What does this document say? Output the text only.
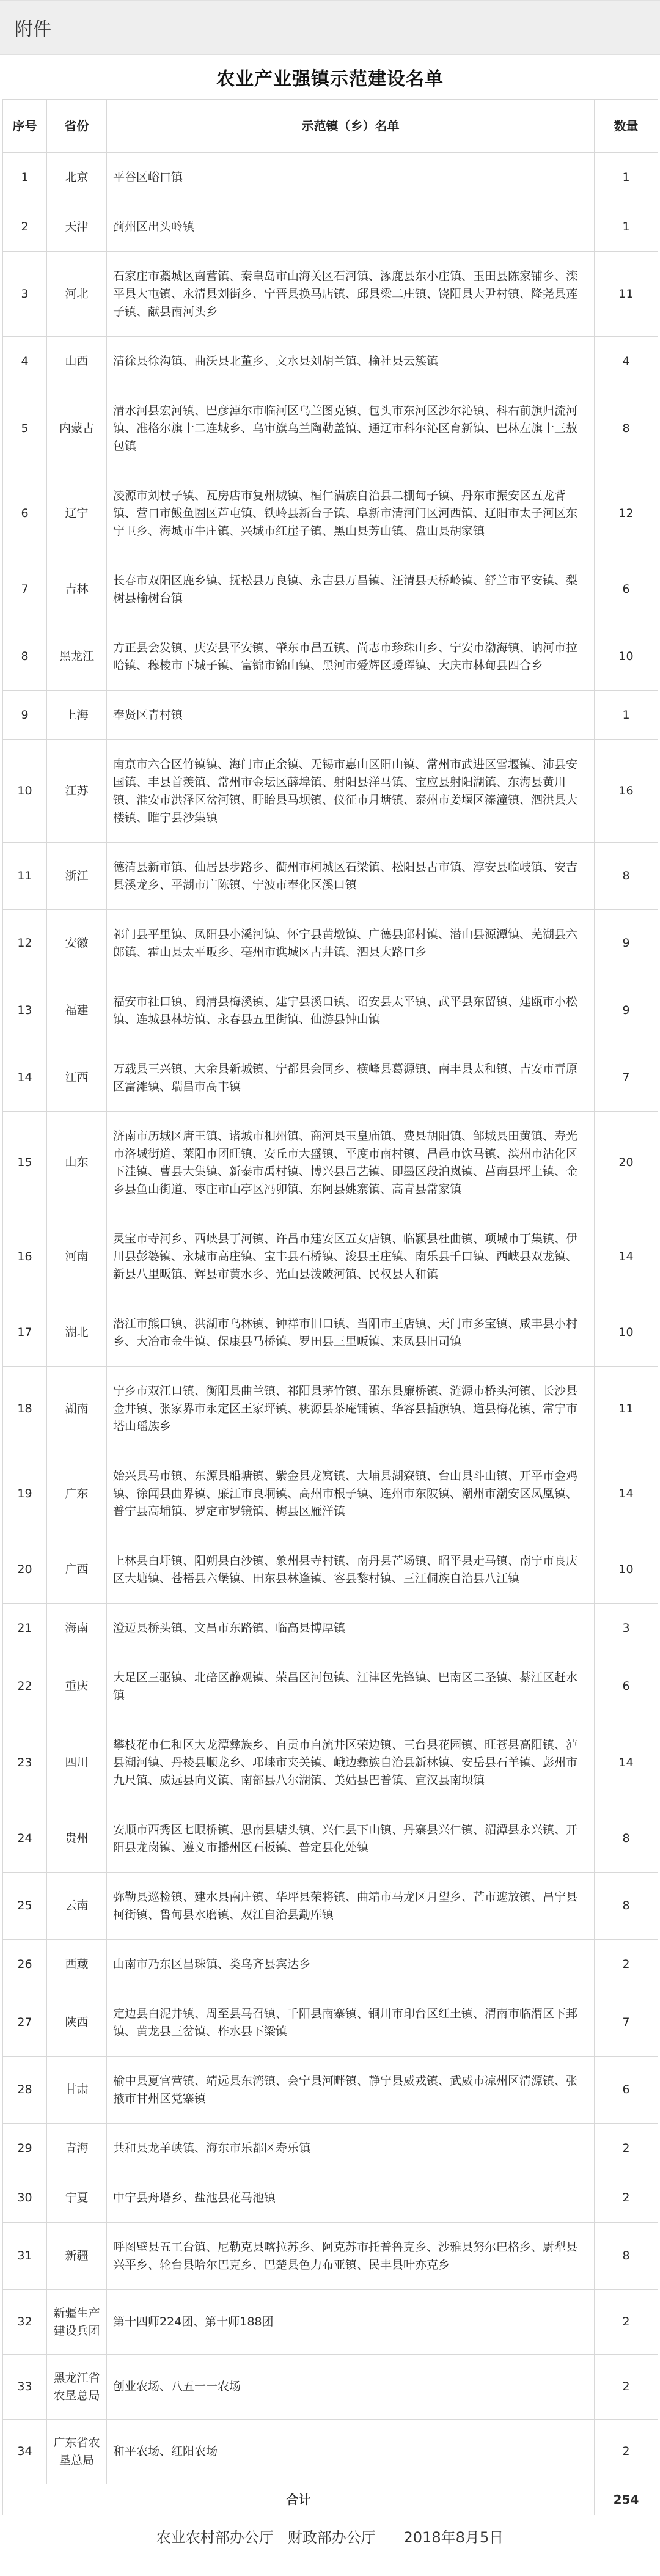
附件
农业产业强镇示范建设名单
序号	省份	示范镇（乡）名单	数量
1	北京	平谷区峪口镇	1
2	天津	蓟州区出头岭镇	1
3	河北	石家庄市藁城区南营镇、秦皇岛市山海关区石河镇、涿鹿县东小庄镇、玉田县陈家铺乡、滦平县大屯镇、永清县刘街乡、宁晋县换马店镇、邱县梁二庄镇、饶阳县大尹村镇、隆尧县莲子镇、献县南河头乡	11
4	山西	清徐县徐沟镇、曲沃县北董乡、文水县刘胡兰镇、榆社县云簇镇	4
5	内蒙古	清水河县宏河镇、巴彦淖尔市临河区乌兰图克镇、包头市东河区沙尔沁镇、科右前旗归流河镇、准格尔旗十二连城乡、乌审旗乌兰陶勒盖镇、通辽市科尔沁区育新镇、巴林左旗十三敖包镇	8
6	辽宁	凌源市刘杖子镇、瓦房店市复州城镇、桓仁满族自治县二棚甸子镇、丹东市振安区五龙背镇、营口市鲅鱼圈区芦屯镇、铁岭县新台子镇、阜新市清河门区河西镇、辽阳市太子河区东宁卫乡、海城市牛庄镇、兴城市红崖子镇、黑山县芳山镇、盘山县胡家镇	12
7	吉林	长春市双阳区鹿乡镇、抚松县万良镇、永吉县万昌镇、汪清县天桥岭镇、舒兰市平安镇、梨树县榆树台镇	6
8	黑龙江	方正县会发镇、庆安县平安镇、肇东市昌五镇、尚志市珍珠山乡、宁安市渤海镇、讷河市拉哈镇、穆棱市下城子镇、富锦市锦山镇、黑河市爱辉区瑷珲镇、大庆市林甸县四合乡	10
9	上海	奉贤区青村镇	1
10	江苏	南京市六合区竹镇镇、海门市正余镇、无锡市惠山区阳山镇、常州市武进区雪堰镇、沛县安国镇、丰县首羡镇、常州市金坛区薛埠镇、射阳县洋马镇、宝应县射阳湖镇、东海县黄川镇、淮安市洪泽区岔河镇、盱眙县马坝镇、仪征市月塘镇、泰州市姜堰区溱潼镇、泗洪县大楼镇、睢宁县沙集镇	16
11	浙江	德清县新市镇、仙居县步路乡、衢州市柯城区石梁镇、松阳县古市镇、淳安县临岐镇、安吉县溪龙乡、平湖市广陈镇、宁波市奉化区溪口镇	8
12	安徽	祁门县平里镇、凤阳县小溪河镇、怀宁县黄墩镇、广德县邱村镇、潜山县源潭镇、芜湖县六郎镇、霍山县太平畈乡、亳州市谯城区古井镇、泗县大路口乡	9
13	福建	福安市社口镇、闽清县梅溪镇、建宁县溪口镇、诏安县太平镇、武平县东留镇、建瓯市小松镇、连城县林坊镇、永春县五里街镇、仙游县钟山镇	9
14	江西	万载县三兴镇、大余县新城镇、宁都县会同乡、横峰县葛源镇、南丰县太和镇、吉安市青原区富滩镇、瑞昌市高丰镇	7
15	山东	济南市历城区唐王镇、诸城市相州镇、商河县玉皇庙镇、费县胡阳镇、邹城县田黄镇、寿光市洛城街道、莱阳市团旺镇、安丘市大盛镇、平度市南村镇、昌邑市饮马镇、滨州市沾化区下洼镇、曹县大集镇、新泰市禹村镇、博兴县吕艺镇、即墨区段泊岚镇、莒南县坪上镇、金乡县鱼山街道、枣庄市山亭区冯卯镇、东阿县姚寨镇、高青县常家镇	20
16	河南	灵宝市寺河乡、西峡县丁河镇、许昌市建安区五女店镇、临颍县杜曲镇、项城市丁集镇、伊川县彭婆镇、永城市高庄镇、宝丰县石桥镇、浚县王庄镇、南乐县千口镇、西峡县双龙镇、新县八里畈镇、辉县市黄水乡、光山县泼陂河镇、民权县人和镇	14
17	湖北	潜江市熊口镇、洪湖市乌林镇、钟祥市旧口镇、当阳市王店镇、天门市多宝镇、咸丰县小村乡、大冶市金牛镇、保康县马桥镇、罗田县三里畈镇、来凤县旧司镇	10
18	湖南	宁乡市双江口镇、衡阳县曲兰镇、祁阳县茅竹镇、邵东县廉桥镇、涟源市桥头河镇、长沙县金井镇、张家界市永定区王家坪镇、桃源县茶庵铺镇、华容县插旗镇、道县梅花镇、常宁市塔山瑶族乡	11
19	广东	始兴县马市镇、东源县船塘镇、紫金县龙窝镇、大埔县湖寮镇、台山县斗山镇、开平市金鸡镇、徐闻县曲界镇、廉江市良垌镇、高州市根子镇、连州市东陂镇、潮州市潮安区凤凰镇、普宁县高埔镇、罗定市罗镜镇、梅县区雁洋镇	14
20	广西	上林县白圩镇、阳朔县白沙镇、象州县寺村镇、南丹县芒场镇、昭平县走马镇、南宁市良庆区大塘镇、苍梧县六堡镇、田东县林逢镇、容县黎村镇、三江侗族自治县八江镇	10
21	海南	澄迈县桥头镇、文昌市东路镇、临高县博厚镇	3
22	重庆	大足区三驱镇、北碚区静观镇、荣昌区河包镇、江津区先锋镇、巴南区二圣镇、綦江区赶水镇	6
23	四川	攀枝花市仁和区大龙潭彝族乡、自贡市自流井区荣边镇、三台县花园镇、旺苍县高阳镇、泸县潮河镇、丹棱县顺龙乡、邛崃市夹关镇、峨边彝族自治县新林镇、安岳县石羊镇、彭州市九尺镇、威远县向义镇、南部县八尔湖镇、美姑县巴普镇、宣汉县南坝镇	14
24	贵州	安顺市西秀区七眼桥镇、思南县塘头镇、兴仁县下山镇、丹寨县兴仁镇、湄潭县永兴镇、开阳县龙岗镇、遵义市播州区石板镇、普定县化处镇	8
25	云南	弥勒县巡检镇、建水县南庄镇、华坪县荣将镇、曲靖市马龙区月望乡、芒市遮放镇、昌宁县柯街镇、鲁甸县水磨镇、双江自治县勐库镇	8
26	西藏	山南市乃东区昌珠镇、类乌齐县宾达乡	2
27	陕西	定边县白泥井镇、周至县马召镇、千阳县南寨镇、铜川市印台区红土镇、渭南市临渭区下邽镇、黄龙县三岔镇、柞水县下梁镇	7
28	甘肃	榆中县夏官营镇、靖远县东湾镇、会宁县河畔镇、静宁县威戎镇、武威市凉州区清源镇、张掖市甘州区党寨镇	6
29	青海	共和县龙羊峡镇、海东市乐都区寿乐镇	2
30	宁夏	中宁县舟塔乡、盐池县花马池镇	2
31	新疆	呼图壁县五工台镇、尼勒克县喀拉苏乡、阿克苏市托普鲁克乡、沙雅县努尔巴格乡、尉犁县兴平乡、轮台县哈尔巴克乡、巴楚县色力布亚镇、民丰县叶亦克乡	8
32	新疆生产建设兵团	第十四师224团、第十师188团	2
33	黑龙江省农垦总局	创业农场、八五一一农场	2
34	广东省农垦总局	和平农场、红阳农场	2
合计			254
农业农村部办公厅   财政部办公厅      2018年8月5日
